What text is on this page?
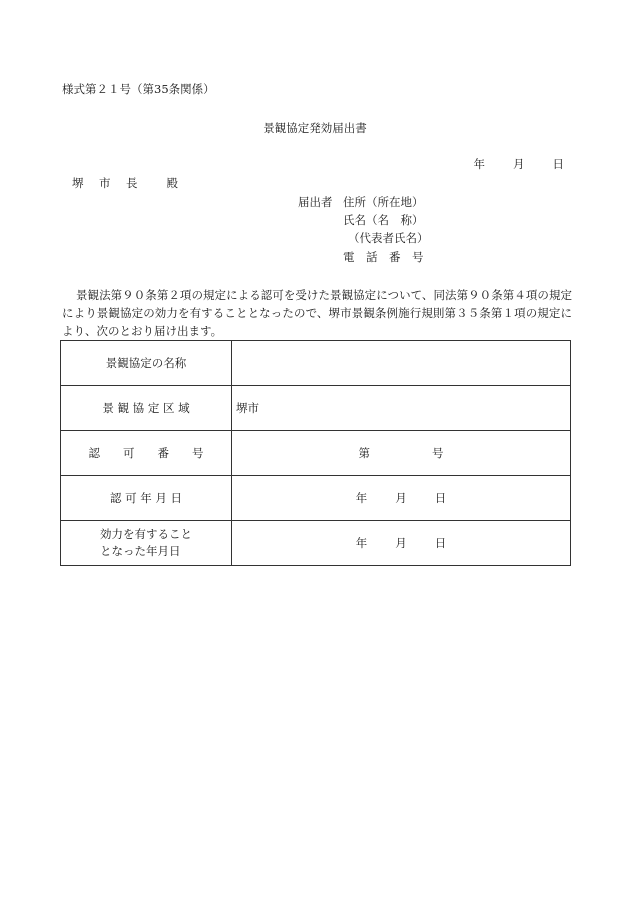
様式第２１号（第35条関係）
景観協定発効届出書
年 月 日
堺　市　長　　殿
届出者 住所（所在地）
氏名（名　称）
（代表者氏名）
電　話　番　号
景観法第９０条第２項の規定による認可を受けた景観協定について、同法第９０条第４項の規定により景観協定の効力を有することとなったので、堺市景観条例施行規則第３５条第１項の規定により、次のとおり届け出ます。
景観協定の名称	
景 観 協 定 区 域	堺市
認　　可　　番　　号	第 号
認 可 年 月 日	年 月 日
効力を有すること
となった年月日	年 月 日
